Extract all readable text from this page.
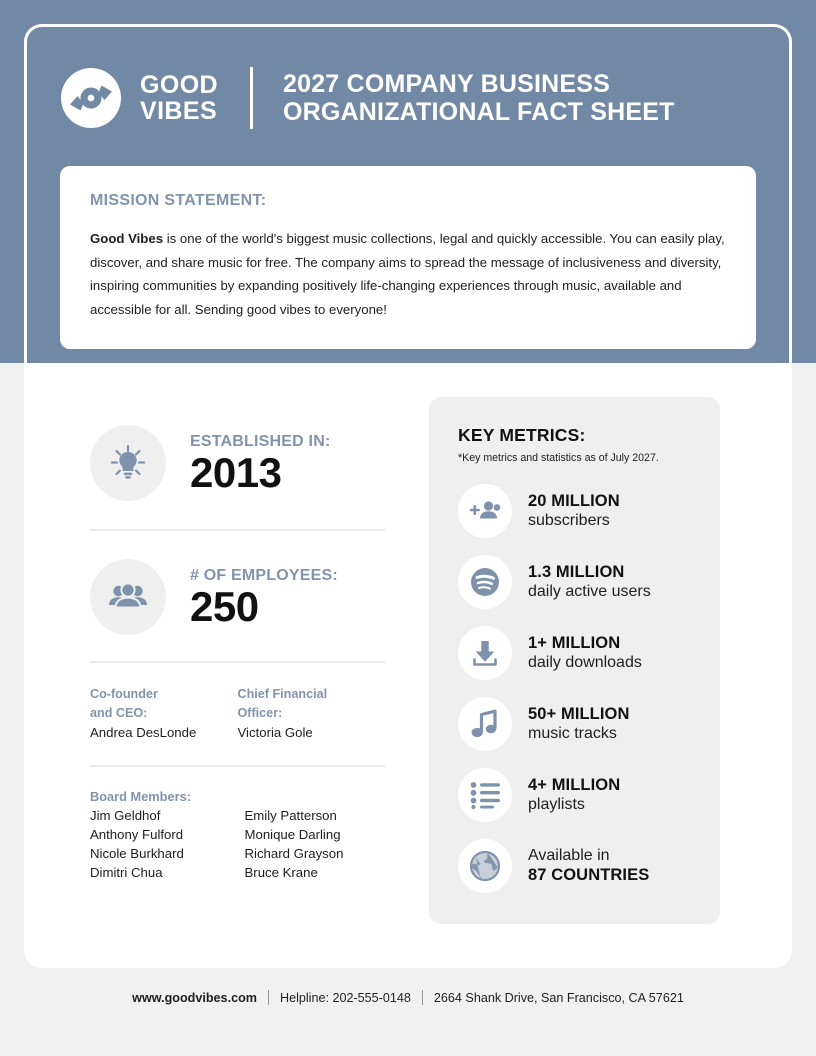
GOOD
VIBES
2027 COMPANY BUSINESS
ORGANIZATIONAL FACT SHEET
MISSION STATEMENT:
Good Vibes is one of the world's biggest music collections, legal and quickly accessible. You can easily play, discover, and share music for free. The company aims to spread the message of inclusiveness and diversity, inspiring communities by expanding positively life-changing experiences through music, available and accessible for all. Sending good vibes to everyone!
ESTABLISHED IN:
2013
# OF EMPLOYEES:
250
Co-founder
and CEO:
Andrea DesLonde
Chief Financial
Officer:
Victoria Gole
Board Members:
Jim Geldhof
Anthony Fulford
Nicole Burkhard
Dimitri Chua
Emily Patterson
Monique Darling
Richard Grayson
Bruce Krane
KEY METRICS:
*Key metrics and statistics as of July 2027.
20 MILLION
subscribers
1.3 MILLION
daily active users
1+ MILLION
daily downloads
50+ MILLION
music tracks
4+ MILLION
playlists
87 COUNTRIES
Available in
www.goodvibes.com Helpline: 202-555-0148 2664 Shank Drive, San Francisco, CA 57621
